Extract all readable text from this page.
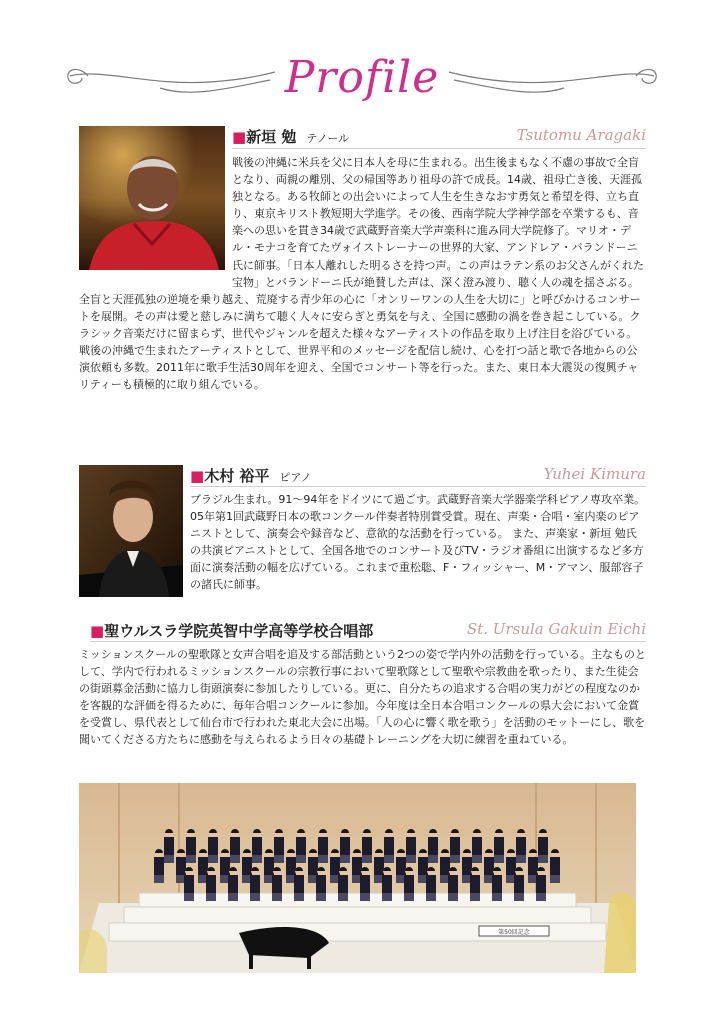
Profile
■新垣 勉 テノール	Tsutomu Aragaki
戦後の沖縄に米兵を父に日本人を母に生まれる。出生後まもなく不慮の事故で全盲となり、両親の離別、父の帰国等あり祖母の許で成長。14歳、祖母亡き後、天涯孤独となる。ある牧師との出会いによって人生を生きなおす勇気と希望を得、立ち直り、東京キリスト教短期大学進学。その後、西南学院大学神学部を卒業するも、音楽への思いを貫き34歳で武蔵野音楽大学声楽科に進み同大学院修了。マリオ・デル・モナコを育てたヴォイストレーナーの世界的大家、アンドレア・バランドーニ氏に師事。「日本人離れした明るさを持つ声。この声はラテン系のお父さんがくれた宝物」とバランドーニ氏が絶賛した声は、深く澄み渡り、聴く人の魂を揺さぶる。全盲と天涯孤独の逆境を乗り越え、荒廃する青少年の心に「オンリーワンの人生を大切に」と呼びかけるコンサートを展開。その声は愛と慈しみに満ちて聴く人々に安らぎと勇気を与え、全国に感動の渦を巻き起こしている。クラシック音楽だけに留まらず、世代やジャンルを超えた様々なアーティストの作品を取り上げ注目を浴びている。戦後の沖縄で生まれたアーティストとして、世界平和のメッセージを配信し続け、心を打つ話と歌で各地からの公演依頼も多数。2011年に歌手生活30周年を迎え、全国でコンサート等を行った。また、東日本大震災の復興チャリティーも積極的に取り組んでいる。
■木村 裕平 ピアノ	Yuhei Kimura
ブラジル生まれ。91〜94年をドイツにて過ごす。武蔵野音楽大学器楽学科ピアノ専攻卒業。05年第1回武蔵野日本の歌コンクール伴奏者特別賞受賞。現在、声楽・合唱・室内楽のピアニストとして、演奏会や録音など、意欲的な活動を行っている。 また、声楽家・新垣 勉氏の共演ピアニストとして、全国各地でのコンサート及びTV・ラジオ番組に出演するなど多方面に演奏活動の幅を広げている。これまで重松聡、F・フィッシャー、M・アマン、服部容子の諸氏に師事。
■聖ウルスラ学院英智中学高等学校合唱部	St. Ursula Gakuin Eichi
ミッションスクールの聖歌隊と女声合唱を追及する部活動という2つの姿で学内外の活動を行っている。主なものとして、学内で行われるミッションスクールの宗教行事において聖歌隊として聖歌や宗教曲を歌ったり、また生徒会の街頭募金活動に協力し街頭演奏に参加したりしている。更に、自分たちの追求する合唱の実力がどの程度なのかを客観的な評価を得るために、毎年合唱コンクールに参加。今年度は全日本合唱コンクールの県大会において金賞を受賞し、県代表として仙台市で行われた東北大会に出場。「人の心に響く歌を歌う」を活動のモットーにし、歌を聞いてくださる方たちに感動を与えられるよう日々の基礎トレーニングを大切に練習を重ねている。
第50回記念
